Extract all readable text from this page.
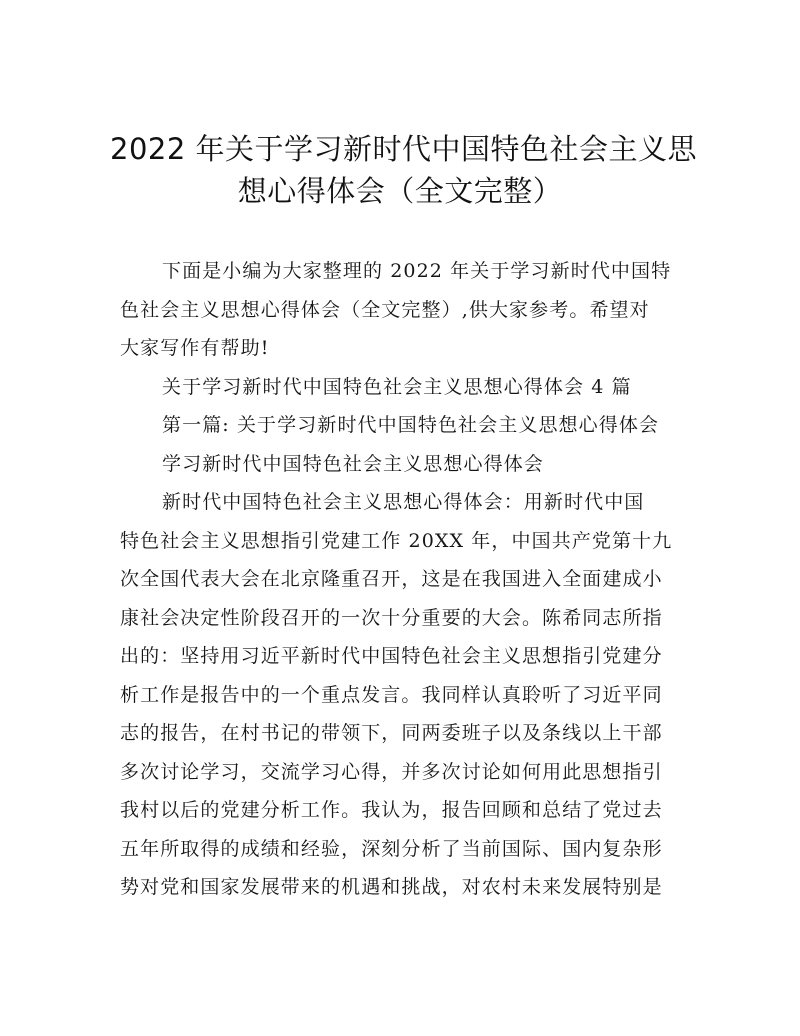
2022 年关于学习新时代中国特色社会主义思
想心得体会（全文完整）

下面是小编为大家整理的 2022 年关于学习新时代中国特
色社会主义思想心得体会（全文完整）,供大家参考。希望对
大家写作有帮助!

关于学习新时代中国特色社会主义思想心得体会 4 篇

第一篇: 关于学习新时代中国特色社会主义思想心得体会

学习新时代中国特色社会主义思想心得体会

新时代中国特色社会主义思想心得体会：用新时代中国
特色社会主义思想指引党建工作 20XX 年，中国共产党第十九
次全国代表大会在北京隆重召开，这是在我国进入全面建成小
康社会决定性阶段召开的一次十分重要的大会。陈希同志所指
出的：坚持用习近平新时代中国特色社会主义思想指引党建分
析工作是报告中的一个重点发言。我同样认真聆听了习近平同
志的报告，在村书记的带领下，同两委班子以及条线以上干部
多次讨论学习，交流学习心得，并多次讨论如何用此思想指引
我村以后的党建分析工作。我认为，报告回顾和总结了党过去
五年所取得的成绩和经验，深刻分析了当前国际、国内复杂形
势对党和国家发展带来的机遇和挑战，对农村未来发展特别是
